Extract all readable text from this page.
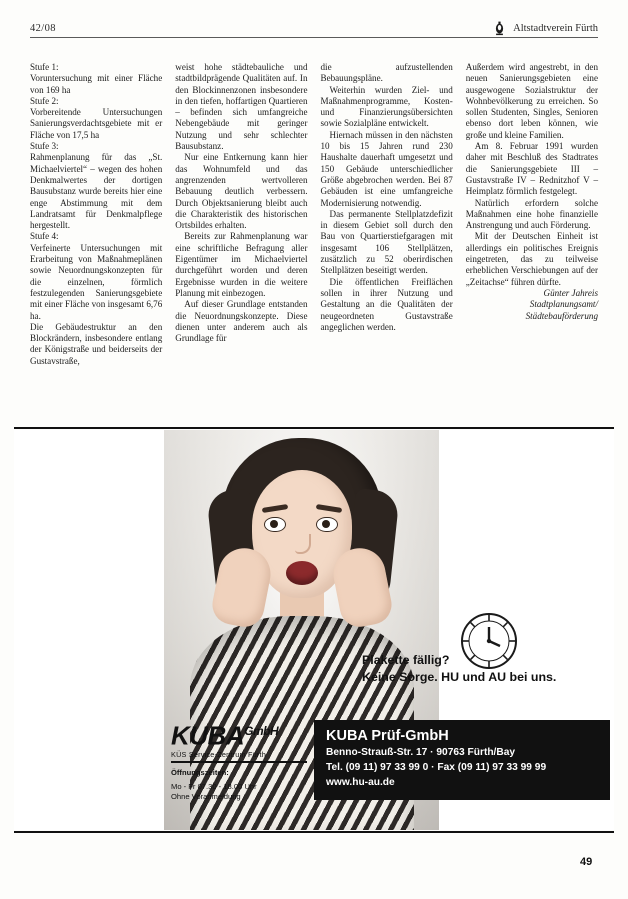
42/08	Altstadtverein Fürth

Stufe 1:

Voruntersuchung mit einer Fläche von 169 ha

Stufe 2:

Vorbereitende Untersuchungen Sanierungsverdachtsgebiete mit er Fläche von 17,5 ha

Stufe 3:

Rahmenplanung für das „St. Michaelviertel“ – wegen des hohen Denkmalwertes der dortigen Bausubstanz wurde bereits hier eine enge Abstimmung mit dem Landratsamt für Denkmalpflege hergestellt.

Stufe 4:

Verfeinerte Untersuchungen mit Erarbeitung von Maßnahmeplänen sowie Neuordnungskonzepten für die einzelnen, förmlich festzulegenden Sanierungsgebiete mit einer Fläche von insgesamt 6,76 ha.

Die Gebäudestruktur an den Blockrändern, insbesondere entlang der Königstraße und beiderseits der Gustavstraße,

weist hohe städtebauliche und stadtbildprägende Qualitäten auf. In den Blockinnenzonen insbesondere in den tiefen, hoffartigen Quartieren – befinden sich umfangreiche Nebengebäude mit geringer Nutzung und sehr schlechter Bausubstanz.

Nur eine Entkernung kann hier das Wohnumfeld und das angrenzenden wertvolleren Bebauung deutlich verbessern. Durch Objektsanierung bleibt auch die Charakteristik des historischen Ortsbildes erhalten.

Bereits zur Rahmenplanung war eine schriftliche Befragung aller Eigentümer im Michaelviertel durchgeführt worden und deren Ergebnisse wurden in die weitere Planung mit einbezogen.

Auf dieser Grundlage entstanden die Neuordnungskonzepte. Diese dienen unter anderem auch als Grundlage für

die aufzustellenden Bebauungspläne.

Weiterhin wurden Ziel- und Maßnahmenprogramme, Kosten- und Finanzierungsübersichten sowie Sozialpläne entwickelt.

Hiernach müssen in den nächsten 10 bis 15 Jahren rund 230 Haushalte dauerhaft umgesetzt und 150 Gebäude unterschiedlicher Größe abgebrochen werden. Bei 87 Gebäuden ist eine umfangreiche Modernisierung notwendig.

Das permanente Stellplatzdefizit in diesem Gebiet soll durch den Bau von Quartierstiefgaragen mit insgesamt 106 Stellplätzen, zusätzlich zu 52 oberirdischen Stellplätzen beseitigt werden.

Die öffentlichen Freiflächen sollen in ihrer Nutzung und Gestaltung an die Qualitäten der neugeordneten Gustavstraße angeglichen werden.

Außerdem wird angestrebt, in den neuen Sanierungsgebieten eine ausgewogene Sozialstruktur der Wohnbevölkerung zu erreichen. So sollen Studenten, Singles, Senioren ebenso dort leben können, wie große und kleine Familien.

Am 8. Februar 1991 wurden daher mit Beschluß des Stadtrates die Sanierungsgebiete III – Gustavstraße IV – Rednitzhof V – Heimplatz förmlich festgelegt.

Natürlich erfordern solche Maßnahmen eine hohe finanzielle Anstrengung und auch Förderung.

Mit der Deutschen Einheit ist allerdings ein politisches Ereignis eingetreten, das zu teilweise erheblichen Verschiebungen auf der „Zeitachse“ führen dürfte.

Günter Jahreis

Stadtplanungsamt/

Städtebauförderung

Plakette fällig?
Keine Sorge. HU und AU bei uns.
$KUBA^{GmbH}$
KÜS Service-Zentrum Fürth
Öffnungszeiten:
Mo - Fr 07.30 - 18.00 Uhr
Ohne Voranmeldung
KUBA Prüf-GmbH
Benno-Strauß-Str. 17 · 90763 Fürth/Bay
Tel. (09 11) 97 33 99 0 · Fax (09 11) 97 33 99 99
www.hu-au.de
49
